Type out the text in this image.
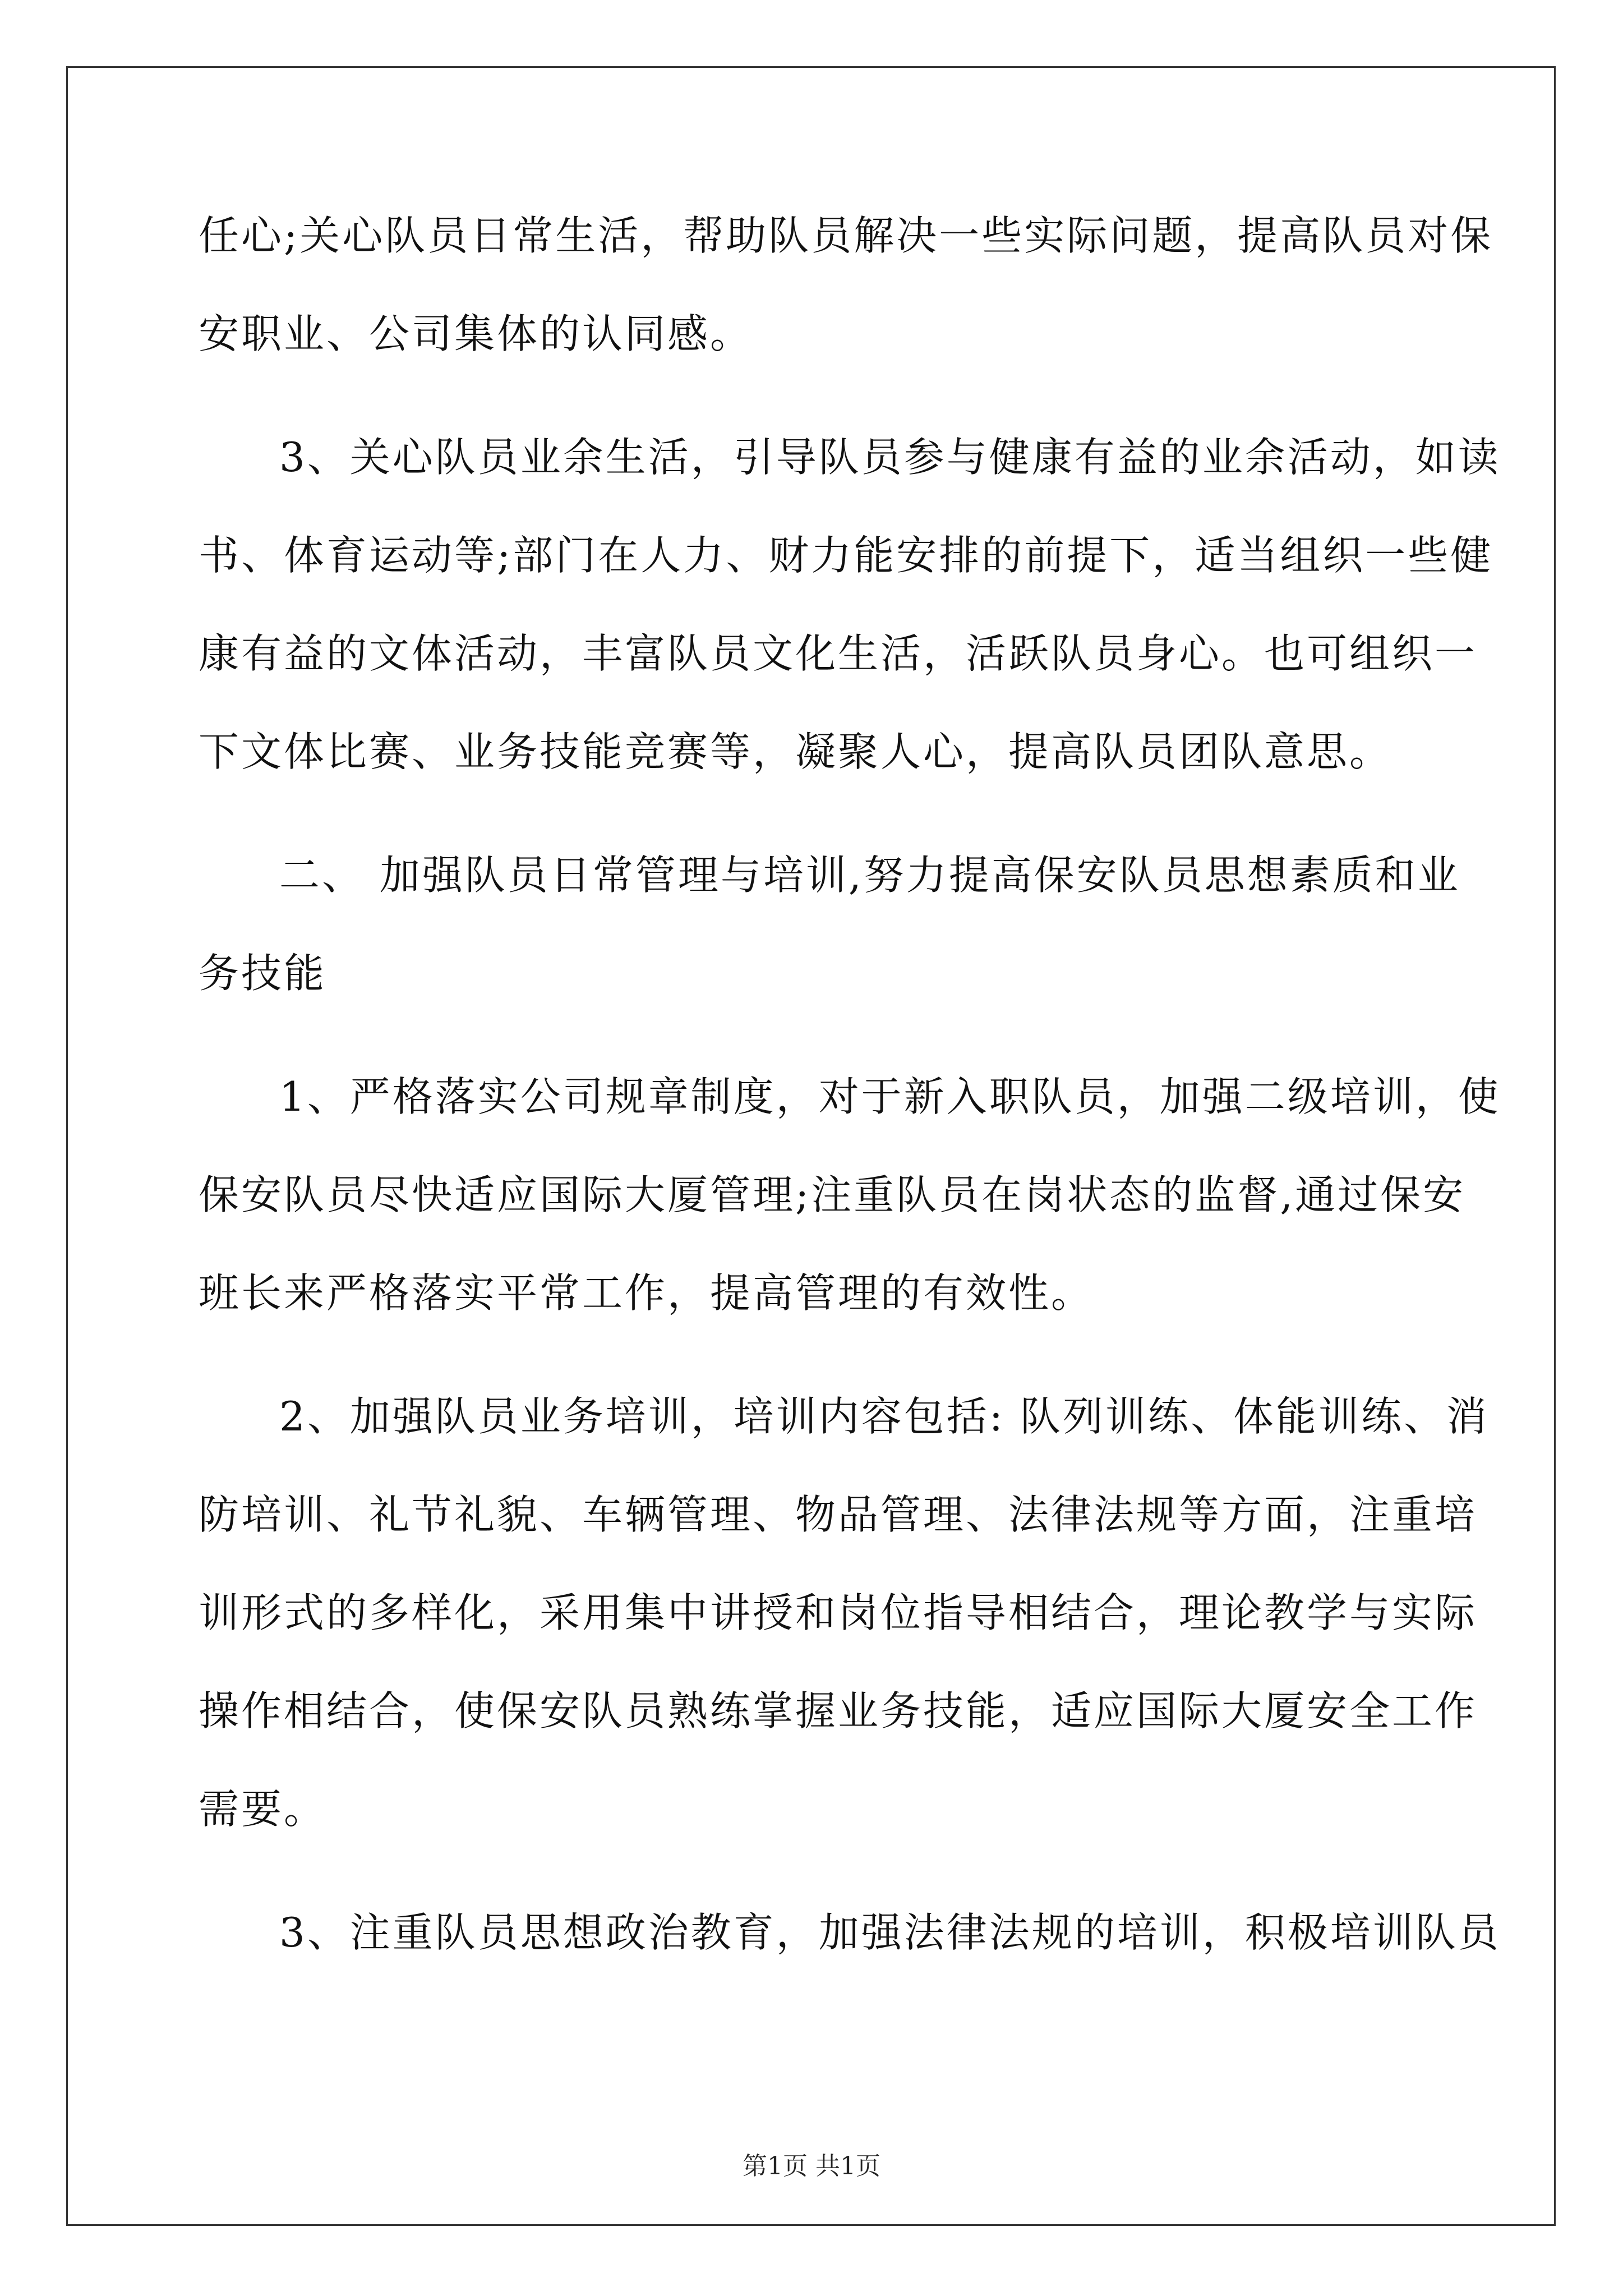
任心;关心队员日常生活，帮助队员解决一些实际问题，提高队员对保
安职业、公司集体的认同感。
3、关心队员业余生活，引导队员参与健康有益的业余活动，如读
书、体育运动等;部门在人力、财力能安排的前提下，适当组织一些健
康有益的文体活动，丰富队员文化生活，活跃队员身心。也可组织一
下文体比赛、业务技能竞赛等，凝聚人心，提高队员团队意思。
二、 加强队员日常管理与培训,努力提高保安队员思想素质和业
务技能
1、严格落实公司规章制度，对于新入职队员，加强二级培训，使
保安队员尽快适应国际大厦管理;注重队员在岗状态的监督,通过保安
班长来严格落实平常工作，提高管理的有效性。
2、加强队员业务培训，培训内容包括: 队列训练、体能训练、消
防培训、礼节礼貌、车辆管理、物品管理、法律法规等方面，注重培
训形式的多样化，采用集中讲授和岗位指导相结合，理论教学与实际
操作相结合，使保安队员熟练掌握业务技能，适应国际大厦安全工作
需要。
3、注重队员思想政治教育，加强法律法规的培训，积极培训队员
第1页 共1页
